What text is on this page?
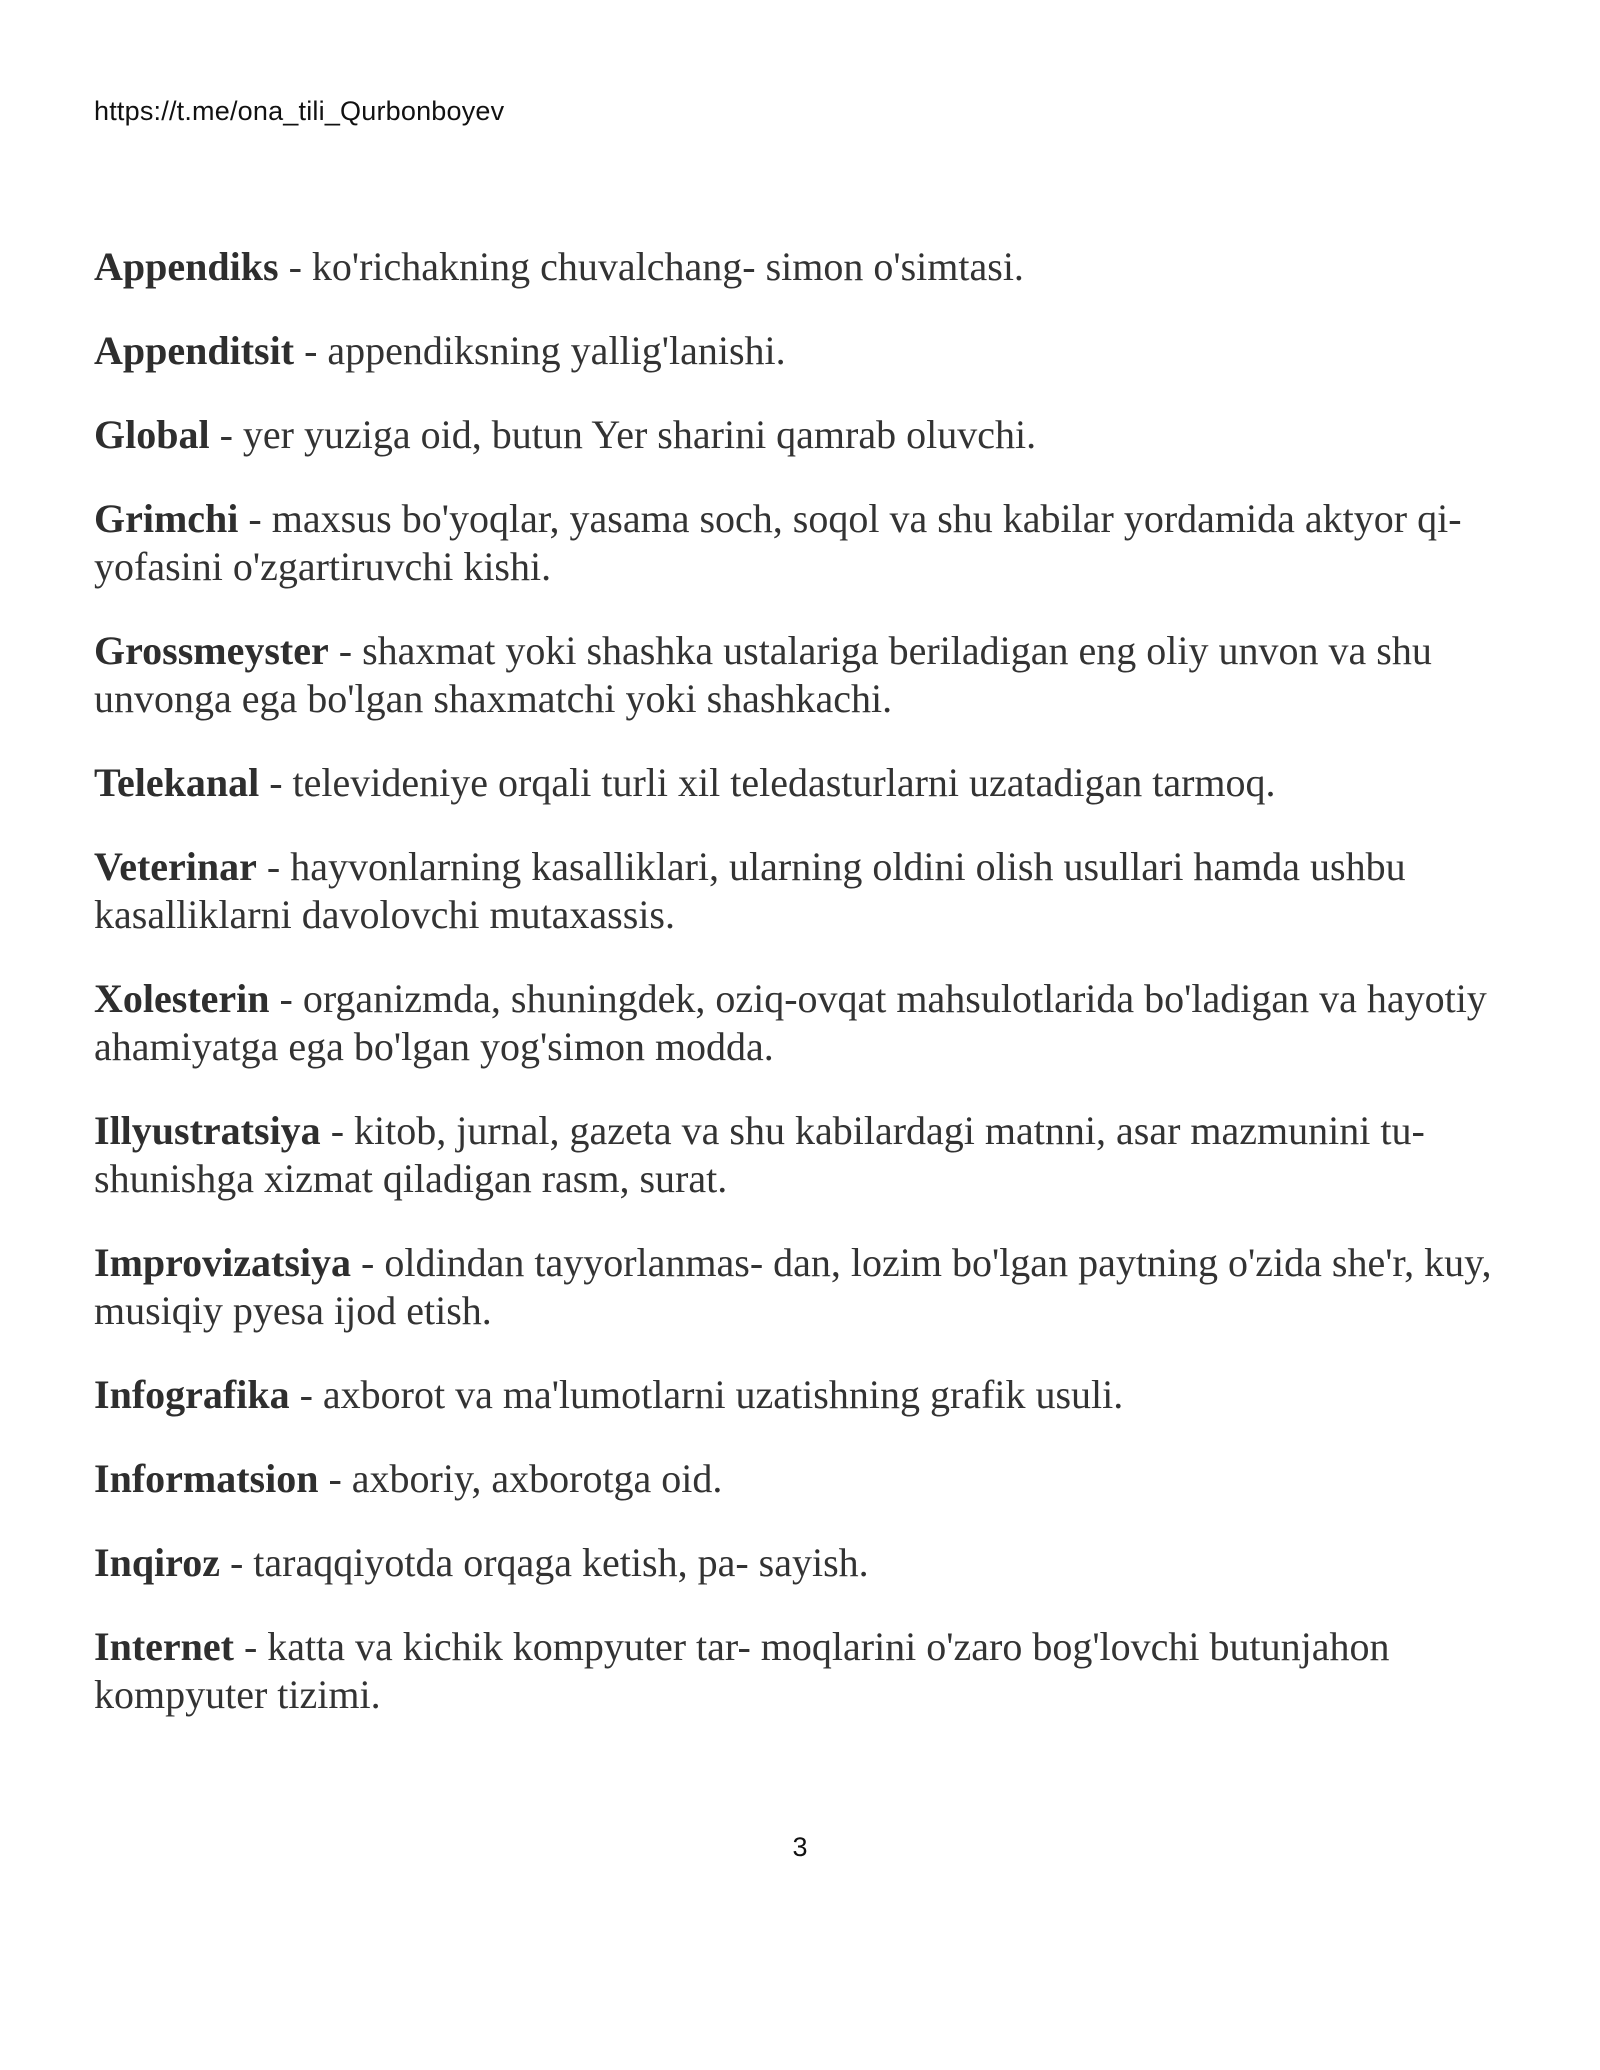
https://t.me/ona_tili_Qurbonboyev

Appendiks - ko'richakning chuvalchang- simon o'simtasi.

Appenditsit - appendiksning yallig'lanishi.

Global - yer yuziga oid, butun Yer sharini qamrab oluvchi.

Grimchi - maxsus bo'yoqlar, yasama soch, soqol va shu kabilar yordamida aktyor qi- yofasini o'zgartiruvchi kishi.

Grossmeyster - shaxmat yoki shashka ustalariga beriladigan eng oliy unvon va shu unvonga ega bo'lgan shaxmatchi yoki shashkachi.

Telekanal - televideniye orqali turli xil teledasturlarni uzatadigan tarmoq.

Veterinar - hayvonlarning kasalliklari, ularning oldini olish usullari hamda ushbu kasalliklarni davolovchi mutaxassis.

Xolesterin - organizmda, shuningdek, oziq-ovqat mahsulotlarida bo'ladigan va hayotiy ahamiyatga ega bo'lgan yog'simon modda.

Illyustratsiya - kitob, jurnal, gazeta va shu kabilardagi matnni, asar mazmunini tu- shunishga xizmat qiladigan rasm, surat.

Improvizatsiya - oldindan tayyorlanmas- dan, lozim bo'lgan paytning o'zida she'r, kuy, musiqiy pyesa ijod etish.

Infografika - axborot va ma'lumotlarni uzatishning grafik usuli.

Informatsion - axboriy, axborotga oid.

Inqiroz - taraqqiyotda orqaga ketish, pa- sayish.

Internet - katta va kichik kompyuter tar- moqlarini o'zaro bog'lovchi butunjahon kompyuter tizimi.

3
